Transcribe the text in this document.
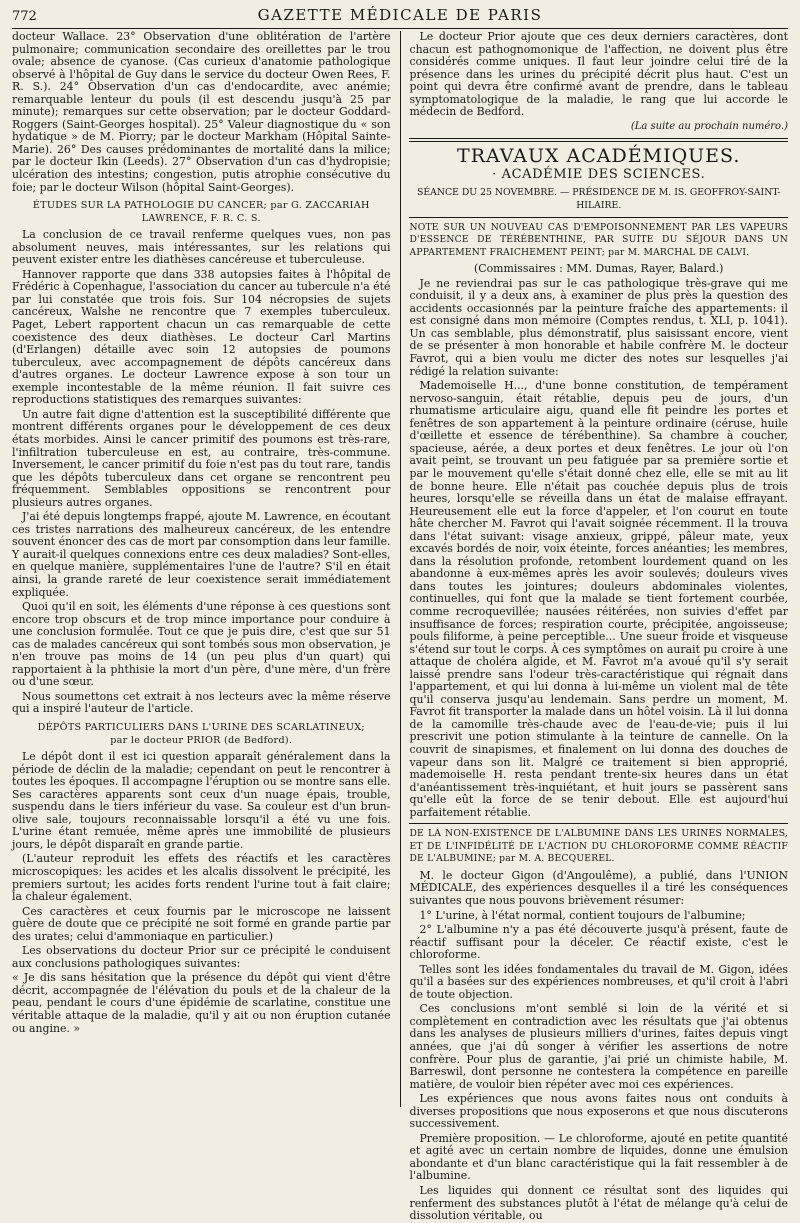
772	GAZETTE MÉDICALE DE PARIS

docteur Wallace. 23° Observation d'une oblitération de l'artère pulmonaire; communication secondaire des oreillettes par le trou ovale; absence de cyanose. (Cas curieux d'anatomie pathologique observé à l'hôpital de Guy dans le service du docteur Owen Rees, F. R. S.). 24° Observation d'un cas d'endocardite, avec anémie; remarquable lenteur du pouls (il est descendu jusqu'à 25 par minute); remarques sur cette observation; par le docteur Goddard-Roggers (Saint-Georges hospital). 25° Valeur diagnostique du « son hydatique » de M. Piorry; par le docteur Markham (Hôpital Sainte-Marie). 26° Des causes prédominantes de mortalité dans la milice; par le docteur Ikin (Leeds). 27° Observation d'un cas d'hydropisie; ulcération des intestins; congestion, putis atrophie consécutive du foie; par le docteur Wilson (hôpital Saint-Georges).

ÉTUDES SUR LA PATHOLOGIE DU CANCER; par G. ZACCARIAH LAWRENCE, F. R. C. S.

La conclusion de ce travail renferme quelques vues, non pas absolument neuves, mais intéressantes, sur les relations qui peuvent exister entre les diathèses cancéreuse et tuberculeuse.

Hannover rapporte que dans 338 autopsies faites à l'hôpital de Frédéric à Copenhague, l'association du cancer au tubercule n'a été par lui constatée que trois fois. Sur 104 nécropsies de sujets cancéreux, Walshe ne rencontre que 7 exemples tuberculeux. Paget, Lebert rapportent chacun un cas remarquable de cette coexistence des deux diathèses. Le docteur Carl Martins (d'Erlangen) détaille avec soin 12 autopsies de poumons tuberculeux, avec accompagnement de dépôts cancéreux dans d'autres organes. Le docteur Lawrence expose à son tour un exemple incontestable de la même réunion. Il fait suivre ces reproductions statistiques des remarques suivantes:

Un autre fait digne d'attention est la susceptibilité différente que montrent différents organes pour le développement de ces deux états morbides. Ainsi le cancer primitif des poumons est très-rare, l'infiltration tuberculeuse en est, au contraire, très-commune. Inversement, le cancer primitif du foie n'est pas du tout rare, tandis que les dépôts tuberculeux dans cet organe se rencontrent peu fréquemment. Semblables oppositions se rencontrent pour plusieurs autres organes.

J'ai été depuis longtemps frappé, ajoute M. Lawrence, en écoutant ces tristes narrations des malheureux cancéreux, de les entendre souvent énoncer des cas de mort par consomption dans leur famille. Y aurait-il quelques connexions entre ces deux maladies? Sont-elles, en quelque manière, supplémentaires l'une de l'autre? S'il en était ainsi, la grande rareté de leur coexistence serait immédiatement expliquée.

Quoi qu'il en soit, les éléments d'une réponse à ces questions sont encore trop obscurs et de trop mince importance pour conduire à une conclusion formulée. Tout ce que je puis dire, c'est que sur 51 cas de malades cancéreux qui sont tombés sous mon observation, je n'en trouve pas moins de 14 (un peu plus d'un quart) qui rapportaient à la phthisie la mort d'un père, d'une mère, d'un frère ou d'une sœur.

Nous soumettons cet extrait à nos lecteurs avec la même réserve qui a inspiré l'auteur de l'article.

DÉPÔTS PARTICULIERS DANS L'URINE DES SCARLATINEUX;
par le docteur PRIOR (de Bedford).

Le dépôt dont il est ici question apparaît généralement dans la période de déclin de la maladie; cependant on peut le rencontrer à toutes les époques. Il accompagne l'éruption ou se montre sans elle. Ses caractères apparents sont ceux d'un nuage épais, trouble, suspendu dans le tiers inférieur du vase. Sa couleur est d'un brun-olive sale, toujours reconnaissable lorsqu'il a été vu une fois. L'urine étant remuée, même après une immobilité de plusieurs jours, le dépôt disparaît en grande partie.

(L'auteur reproduit les effets des réactifs et les caractères microscopiques: les acides et les alcalis dissolvent le précipité, les premiers surtout; les acides forts rendent l'urine tout à fait claire; la chaleur également.

Ces caractères et ceux fournis par le microscope ne laissent guère de doute que ce précipité ne soit formé en grande partie par des urates; celui d'ammoniaque en particulier.)

Les observations du docteur Prior sur ce précipité le conduisent aux conclusions pathologiques suivantes:

« Je dis sans hésitation que la présence du dépôt qui vient d'être décrit, accompagnée de l'élévation du pouls et de la chaleur de la peau, pendant le cours d'une épidémie de scarlatine, constitue une véritable attaque de la maladie, qu'il y ait ou non éruption cutanée ou angine. »

Le docteur Prior ajoute que ces deux derniers caractères, dont chacun est pathognomonique de l'affection, ne doivent plus être considérés comme uniques. Il faut leur joindre celui tiré de la présence dans les urines du précipité décrit plus haut. C'est un point qui devra être confirmé avant de prendre, dans le tableau symptomatologique de la maladie, le rang que lui accorde le médecin de Bedford.

(La suite au prochain numéro.)

TRAVAUX ACADÉMIQUES.
· ACADÉMIE DES SCIENCES.
SÉANCE DU 25 NOVEMBRE. — PRÉSIDENCE DE M. IS. GEOFFROY-SAINT-HILAIRE.

NOTE SUR UN NOUVEAU CAS D'EMPOISONNEMENT PAR LES VAPEURS D'ESSENCE DE TÉRÉBENTHINE, PAR SUITE DU SÉJOUR DANS UN APPARTEMENT FRAICHEMENT PEINT; par M. MARCHAL DE CALVI.

(Commissaires : MM. Dumas, Rayer, Balard.)

Je ne reviendrai pas sur le cas pathologique très-grave qui me conduisit, il y a deux ans, à examiner de plus près la question des accidents occasionnés par la peinture fraîche des appartements: il est consigné dans mon mémoire (Comptes rendus, t. XLI, p. 1041). Un cas semblable, plus démonstratif, plus saisissant encore, vient de se présenter à mon honorable et habile confrère M. le docteur Favrot, qui a bien voulu me dicter des notes sur lesquelles j'ai rédigé la relation suivante:

Mademoiselle H..., d'une bonne constitution, de tempérament nervoso-sanguin, était rétablie, depuis peu de jours, d'un rhumatisme articulaire aigu, quand elle fit peindre les portes et fenêtres de son appartement à la peinture ordinaire (céruse, huile d'œillette et essence de térébenthine). Sa chambre à coucher, spacieuse, aérée, a deux portes et deux fenêtres. Le jour où l'on avait peint, se trouvant un peu fatiguée par sa première sortie et par le mouvement qu'elle s'était donné chez elle, elle se mit au lit de bonne heure. Elle n'était pas couchée depuis plus de trois heures, lorsqu'elle se réveilla dans un état de malaise effrayant. Heureusement elle eut la force d'appeler, et l'on courut en toute hâte chercher M. Favrot qui l'avait soignée récemment. Il la trouva dans l'état suivant: visage anxieux, grippé, pâleur mate, yeux excavés bordés de noir, voix éteinte, forces anéanties; les membres, dans la résolution profonde, retombent lourdement quand on les abandonne à eux-mêmes après les avoir soulevés; douleurs vives dans toutes les jointures; douleurs abdominales violentes, continuelles, qui font que la malade se tient fortement courbée, comme recroquevillée; nausées réitérées, non suivies d'effet par insuffisance de forces; respiration courte, précipitée, angoisseuse; pouls filiforme, à peine perceptible... Une sueur froide et visqueuse s'étend sur tout le corps. À ces symptômes on aurait pu croire à une attaque de choléra algide, et M. Favrot m'a avoué qu'il s'y serait laissé prendre sans l'odeur très-caractéristique qui régnait dans l'appartement, et qui lui donna à lui-même un violent mal de tête qu'il conserva jusqu'au lendemain. Sans perdre un moment, M. Favrot fit transporter la malade dans un hôtel voisin. Là il lui donna de la camomille très-chaude avec de l'eau-de-vie; puis il lui prescrivit une potion stimulante à la teinture de cannelle. On la couvrit de sinapismes, et finalement on lui donna des douches de vapeur dans son lit. Malgré ce traitement si bien approprié, mademoiselle H. resta pendant trente-six heures dans un état d'anéantissement très-inquiétant, et huit jours se passèrent sans qu'elle eût la force de se tenir debout. Elle est aujourd'hui parfaitement rétablie.

DE LA NON-EXISTENCE DE L'ALBUMINE DANS LES URINES NORMALES, ET DE L'INFIDÉLITÉ DE L'ACTION DU CHLOROFORME COMME RÉACTIF DE L'ALBUMINE; par M. A. BECQUEREL.

M. le docteur Gigon (d'Angoulême), a publié, dans l'UNION MÉDICALE, des expériences desquelles il a tiré les conséquences suivantes que nous pouvons brièvement résumer:

1° L'urine, à l'état normal, contient toujours de l'albumine;

2° L'albumine n'y a pas été découverte jusqu'à présent, faute de réactif suffisant pour la déceler. Ce réactif existe, c'est le chloroforme.

Telles sont les idées fondamentales du travail de M. Gigon, idées qu'il a basées sur des expériences nombreuses, et qu'il croit à l'abri de toute objection.

Ces conclusions m'ont semblé si loin de la vérité et si complètement en contradiction avec les résultats que j'ai obtenus dans les analyses de plusieurs milliers d'urines, faites depuis vingt années, que j'ai dû songer à vérifier les assertions de notre confrère. Pour plus de garantie, j'ai prié un chimiste habile, M. Barreswil, dont personne ne contestera la compétence en pareille matière, de vouloir bien répéter avec moi ces expériences.

Les expériences que nous avons faites nous ont conduits à diverses propositions que nous exposerons et que nous discuterons successivement.

Première proposition. — Le chloroforme, ajouté en petite quantité et agité avec un certain nombre de liquides, donne une émulsion abondante et d'un blanc caractéristique qui la fait ressembler à de l'albumine.

Les liquides qui donnent ce résultat sont des liquides qui renferment des substances plutôt à l'état de mélange qu'à celui de dissolution véritable, ou
